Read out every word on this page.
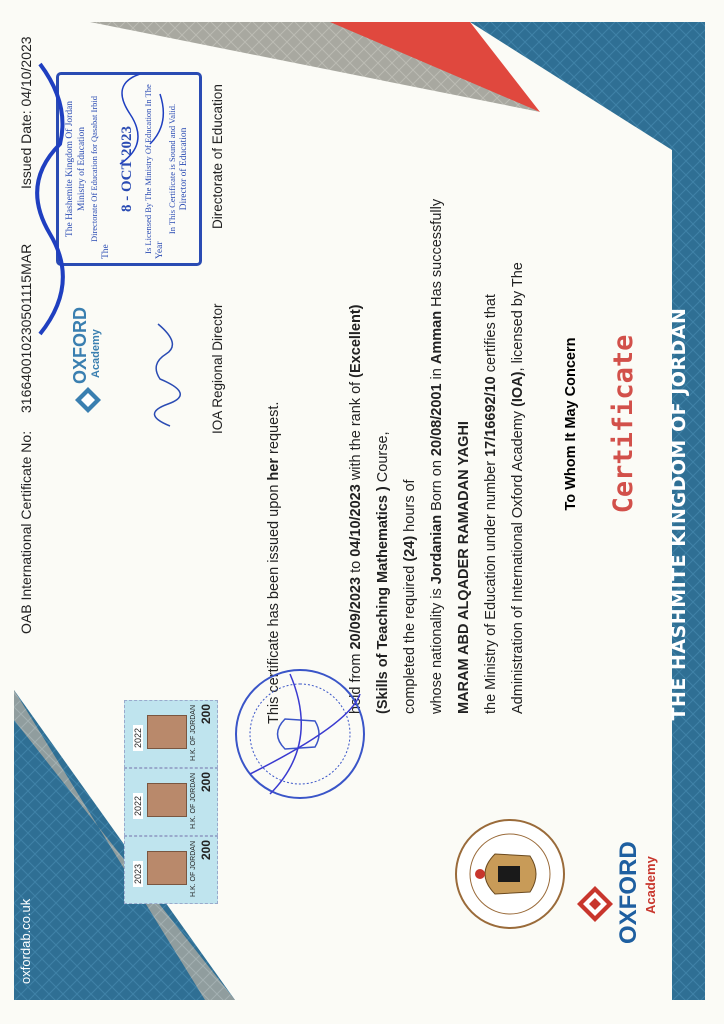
THE HASHMITE KINGDOM OF JORDAN
OXFORD Academy
Certificate
To Whom It May Concern
Administration of International Oxford Academy (IOA), licensed by The
the Ministry of Education under number 17/16692/10 certifies that
MARAM ABD ALQADER RAMADAN YAGHI
whose nationality is Jordanian Born on 20/08/2001 in Amman Has successfully
completed the required (24) hours of
(Skills of Teaching Mathematics ) Course,
held from 20/09/2023 to 04/10/2023 with the rank of (Excellent)
This certificate has been issued upon her request.
Directorate of Education
IOA Regional Director
OXFORD Academy
The Hashemite Kingdom Of Jordan Ministry of Education Directorate Of Education for Qasabat Irbid
The
8 - OCT 2023 Is Licensed By The Ministry Of Education In The Year
In This Certificate is Sound and Valid. Director of Education
2023	H.K. OF JORDAN 200
2022	H.K. OF JORDAN 200
2022	H.K. OF JORDAN 200
Issued Date: 04/10/2023
OAB International Certificate No: 316640010230501115MAR
oxfordab.co.uk
